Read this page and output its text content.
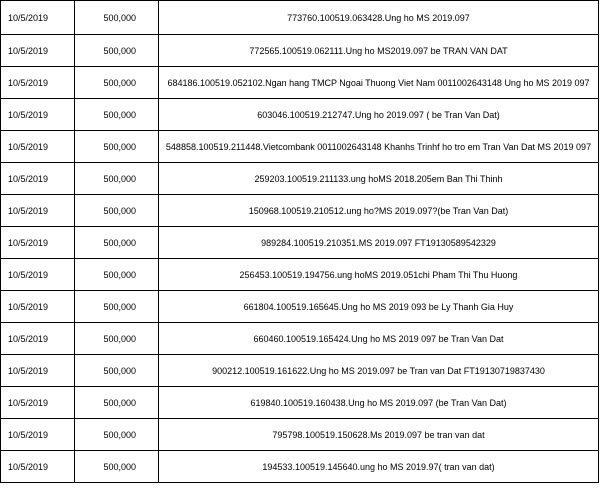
10/5/2019	500,000	773760.100519.063428.Ung ho MS 2019.097
10/5/2019	500,000	772565.100519.062111.Ung ho MS2019.097 be TRAN VAN DAT
10/5/2019	500,000	684186.100519.052102.Ngan hang TMCP Ngoai Thuong Viet Nam 0011002643148 Ung ho MS 2019 097
10/5/2019	500,000	603046.100519.212747.Ung ho 2019.097 ( be Tran Van Dat)
10/5/2019	500,000	548858.100519.211448.Vietcombank 0011002643148 Khanhs Trinhf ho tro em Tran Van Dat MS 2019 097
10/5/2019	500,000	259203.100519.211133.ung hoMS 2018.205em Ban Thi Thinh
10/5/2019	500,000	150968.100519.210512.ung ho?MS 2019.097?(be Tran Van Dat)
10/5/2019	500,000	989284.100519.210351.MS 2019.097 FT19130589542329
10/5/2019	500,000	256453.100519.194756.ung hoMS 2019.051chi Pham Thi Thu Huong
10/5/2019	500,000	661804.100519.165645.Ung ho MS 2019 093 be Ly Thanh Gia Huy
10/5/2019	500,000	660460.100519.165424.Ung ho MS 2019 097 be Tran Van Dat
10/5/2019	500,000	900212.100519.161622.Ung ho MS 2019.097 be Tran van Dat FT19130719837430
10/5/2019	500,000	619840.100519.160438.Ung ho MS 2019.097 (be Tran Van Dat)
10/5/2019	500,000	795798.100519.150628.Ms 2019.097 be tran van dat
10/5/2019	500,000	194533.100519.145640.ung ho MS 2019.97( tran van dat)
